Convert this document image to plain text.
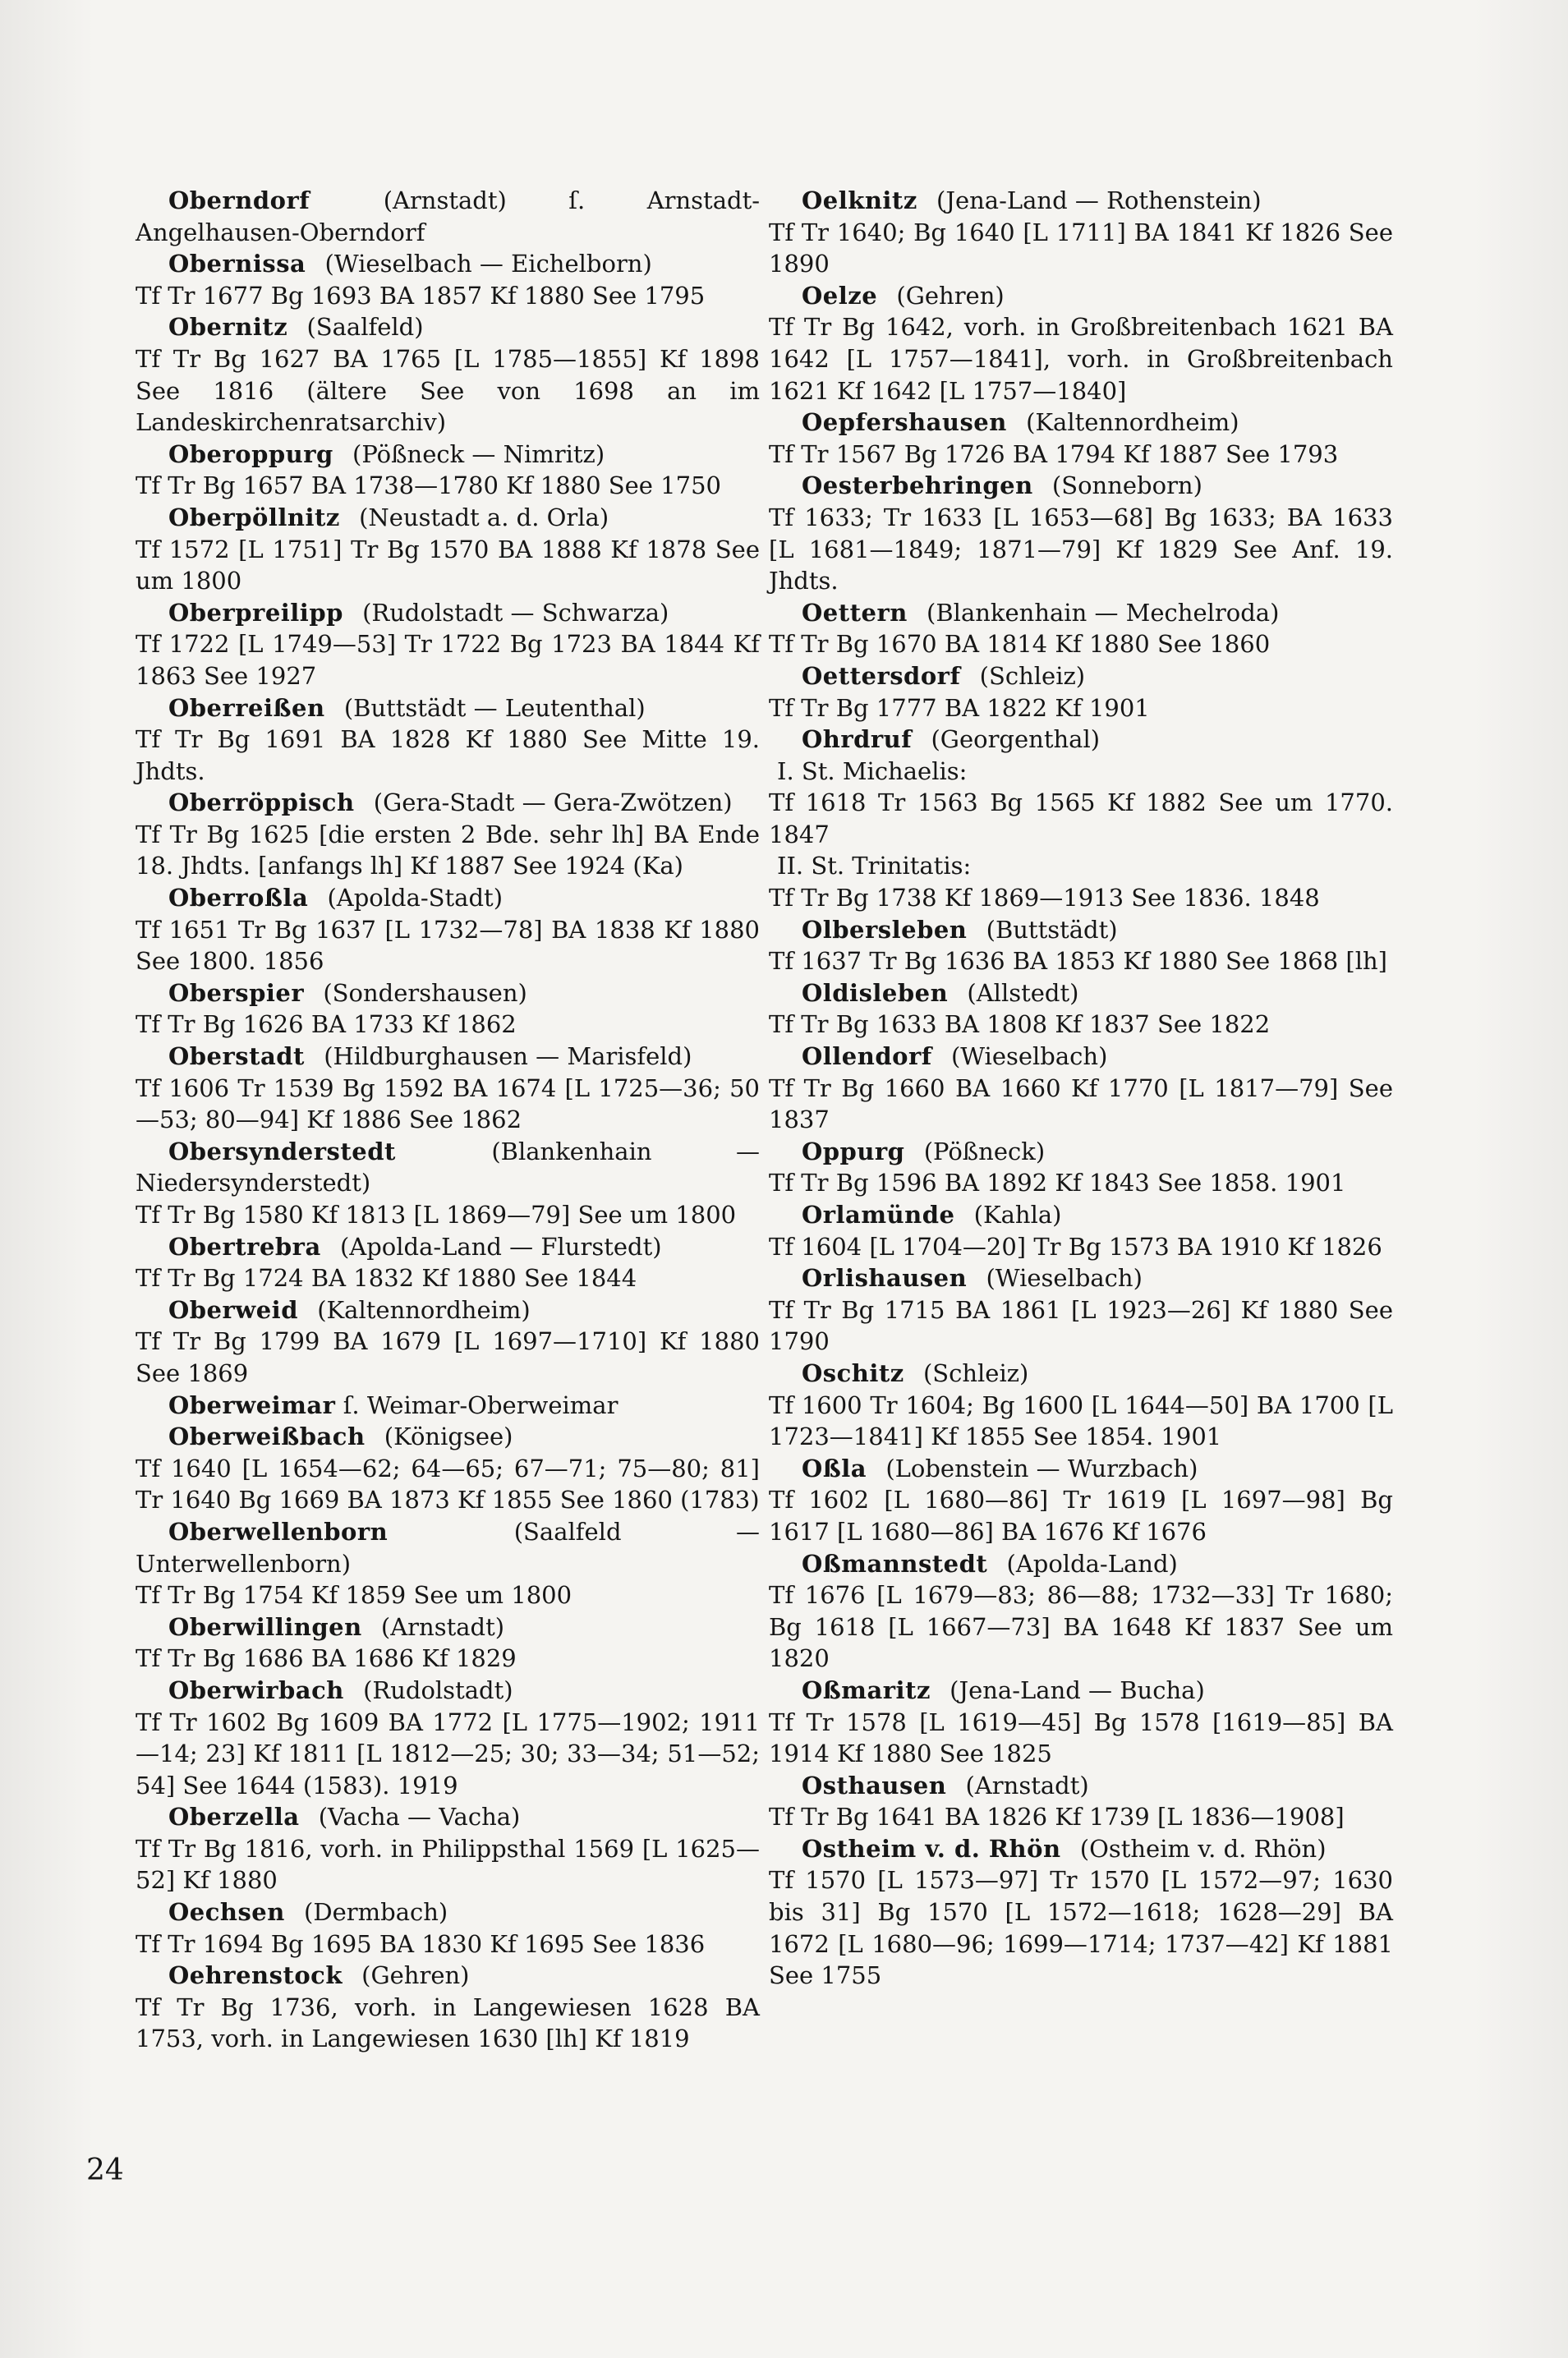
Oberndorf	(Arnstadt)	ſ. Arnstadt-Angelhausen-Oberndorf

Obernissa (Wieselbach — Eichelborn)

Tf Tr 1677 Bg 1693 BA 1857 Kf 1880 See 1795

Obernitz (Saalfeld)

Tf Tr Bg 1627 BA 1765 [L 1785—1855] Kf 1898 See 1816 (ältere See von 1698 an im Landeskirchenratsarchiv)

Oberoppurg (Pößneck — Nimritz)

Tf Tr Bg 1657 BA 1738—1780 Kf 1880 See 1750

Oberpöllnitz (Neustadt a. d. Orla)

Tf 1572 [L 1751] Tr Bg 1570 BA 1888 Kf 1878 See um 1800

Oberpreilipp (Rudolstadt — Schwarza)

Tf 1722 [L 1749—53] Tr 1722 Bg 1723 BA 1844 Kf 1863 See 1927

Oberreißen (Buttstädt — Leutenthal)

Tf Tr Bg 1691 BA 1828 Kf 1880 See Mitte 19. Jhdts.

Oberröppisch (Gera-Stadt — Gera-Zwötzen)

Tf Tr Bg 1625 [die ersten 2 Bde. sehr lh] BA Ende 18. Jhdts. [anfangs lh] Kf 1887 See 1924 (Ka)

Oberroßla (Apolda-Stadt)

Tf 1651 Tr Bg 1637 [L 1732—78] BA 1838 Kf 1880 See 1800. 1856

Oberspier (Sondershausen)

Tf Tr Bg 1626 BA 1733 Kf 1862

Oberstadt (Hildburghausen — Marisfeld)

Tf 1606 Tr 1539 Bg 1592 BA 1674 [L 1725—36; 50—53; 80—94] Kf 1886 See 1862

Obersynderstedt	(Blankenhain — Niedersynderstedt)

Tf Tr Bg 1580 Kf 1813 [L 1869—79] See um 1800

Obertrebra (Apolda-Land — Flurstedt)

Tf Tr Bg 1724 BA 1832 Kf 1880 See 1844

Oberweid (Kaltennordheim)

Tf Tr Bg 1799 BA 1679 [L 1697—1710] Kf 1880 See 1869

Oberweimar ſ. Weimar-Oberweimar

Oberweißbach (Königsee)

Tf 1640 [L 1654—62; 64—65; 67—71; 75—80; 81] Tr 1640 Bg 1669 BA 1873 Kf 1855 See 1860 (1783)

Oberwellenborn	(Saalfeld — Unterwellenborn)

Tf Tr Bg 1754 Kf 1859 See um 1800

Oberwillingen (Arnstadt)

Tf Tr Bg 1686 BA 1686 Kf 1829

Oberwirbach (Rudolstadt)

Tf Tr 1602 Bg 1609 BA 1772 [L 1775—1902; 1911—14; 23] Kf 1811 [L 1812—25; 30; 33—34; 51—52; 54] See 1644 (1583). 1919

Oberzella (Vacha — Vacha)

Tf Tr Bg 1816, vorh. in Philippsthal 1569 [L 1625—52] Kf 1880

Oechsen (Dermbach)

Tf Tr 1694 Bg 1695 BA 1830 Kf 1695 See 1836

Oehrenstock (Gehren)

Tf Tr Bg 1736, vorh. in Langewiesen 1628 BA 1753, vorh. in Langewiesen 1630 [lh] Kf 1819

Oelknitz (Jena-Land — Rothenstein)

Tf Tr 1640; Bg 1640 [L 1711] BA 1841 Kf 1826 See 1890

Oelze (Gehren)

Tf Tr Bg 1642, vorh. in Großbreitenbach 1621 BA 1642 [L 1757—1841], vorh. in Großbreitenbach 1621 Kf 1642 [L 1757—1840]

Oepfershausen (Kaltennordheim)

Tf Tr 1567 Bg 1726 BA 1794 Kf 1887 See 1793

Oesterbehringen (Sonneborn)

Tf 1633; Tr 1633 [L 1653—68] Bg 1633; BA 1633 [L 1681—1849; 1871—79] Kf 1829 See Anf. 19. Jhdts.

Oettern (Blankenhain — Mechelroda)

Tf Tr Bg 1670 BA 1814 Kf 1880 See 1860

Oettersdorf (Schleiz)

Tf Tr Bg 1777 BA 1822 Kf 1901

Ohrdruf (Georgenthal)

I. St. Michaelis:

Tf 1618 Tr 1563 Bg 1565 Kf 1882 See um 1770. 1847

II. St. Trinitatis:

Tf Tr Bg 1738 Kf 1869—1913 See 1836. 1848

Olbersleben (Buttstädt)

Tf 1637 Tr Bg 1636 BA 1853 Kf 1880 See 1868 [lh]

Oldisleben (Allstedt)

Tf Tr Bg 1633 BA 1808 Kf 1837 See 1822

Ollendorf (Wieselbach)

Tf Tr Bg 1660 BA 1660 Kf 1770 [L 1817—79] See 1837

Oppurg (Pößneck)

Tf Tr Bg 1596 BA 1892 Kf 1843 See 1858. 1901

Orlamünde (Kahla)

Tf 1604 [L 1704—20] Tr Bg 1573 BA 1910 Kf 1826

Orlishausen (Wieselbach)

Tf Tr Bg 1715 BA 1861 [L 1923—26] Kf 1880 See 1790

Oschitz (Schleiz)

Tf 1600 Tr 1604; Bg 1600 [L 1644—50] BA 1700 [L 1723—1841] Kf 1855 See 1854. 1901

Oßla (Lobenstein — Wurzbach)

Tf 1602 [L 1680—86] Tr 1619 [L 1697—98] Bg 1617 [L 1680—86] BA 1676 Kf 1676

Oßmannstedt (Apolda-Land)

Tf 1676 [L 1679—83; 86—88; 1732—33] Tr 1680; Bg 1618 [L 1667—73] BA 1648 Kf 1837 See um 1820

Oßmaritz (Jena-Land — Bucha)

Tf Tr 1578 [L 1619—45] Bg 1578 [1619—85] BA 1914 Kf 1880 See 1825

Osthausen (Arnstadt)

Tf Tr Bg 1641 BA 1826 Kf 1739 [L 1836—1908]

Ostheim v. d. Rhön (Ostheim v. d. Rhön)

Tf 1570 [L 1573—97] Tr 1570 [L 1572—97; 1630 bis 31] Bg 1570 [L 1572—1618; 1628—29] BA 1672 [L 1680—96; 1699—1714; 1737—42] Kf 1881 See 1755

24
